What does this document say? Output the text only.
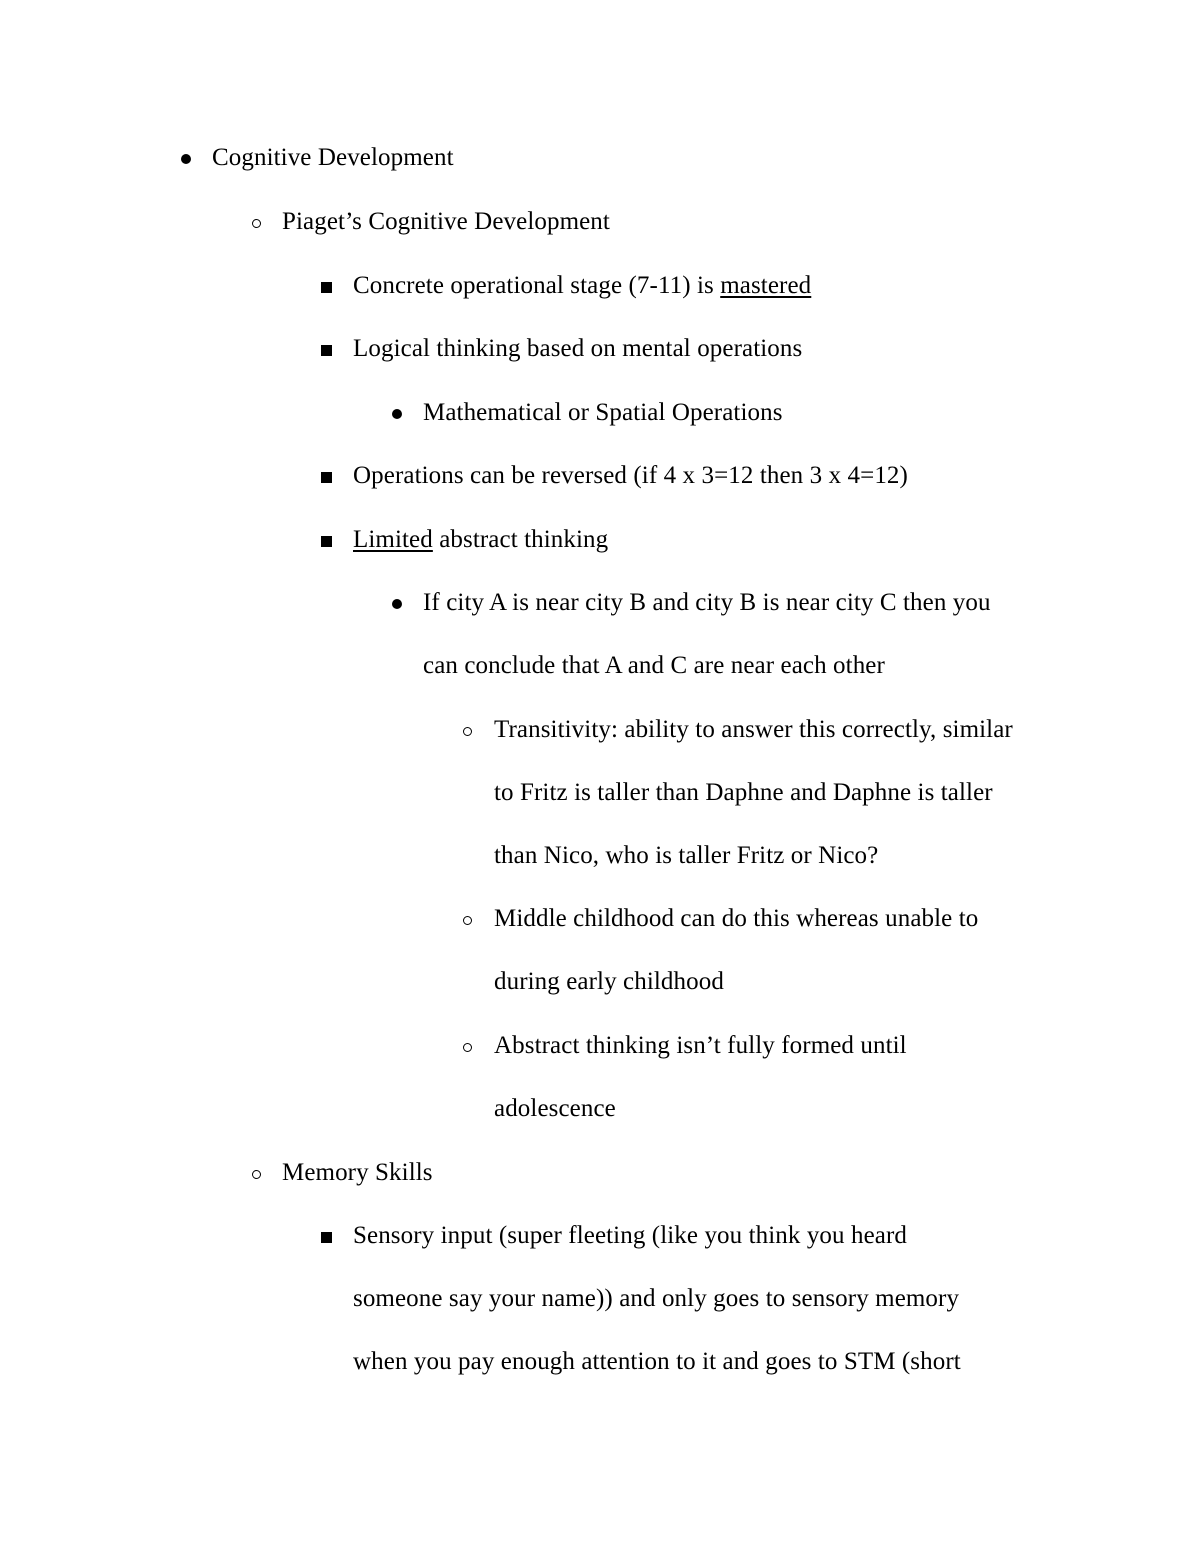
Cognitive Development
Piaget’s Cognitive Development
Concrete operational stage (7-11) is mastered
Logical thinking based on mental operations
Mathematical or Spatial Operations
Operations can be reversed (if 4 x 3=12 then 3 x 4=12)
Limited abstract thinking
If city A is near city B and city B is near city C then you
can conclude that A and C are near each other
Transitivity: ability to answer this correctly, similar
to Fritz is taller than Daphne and Daphne is taller
than Nico, who is taller Fritz or Nico?
Middle childhood can do this whereas unable to
during early childhood
Abstract thinking isn’t fully formed until
adolescence
Memory Skills
Sensory input (super fleeting (like you think you heard
someone say your name)) and only goes to sensory memory
when you pay enough attention to it and goes to STM (short
